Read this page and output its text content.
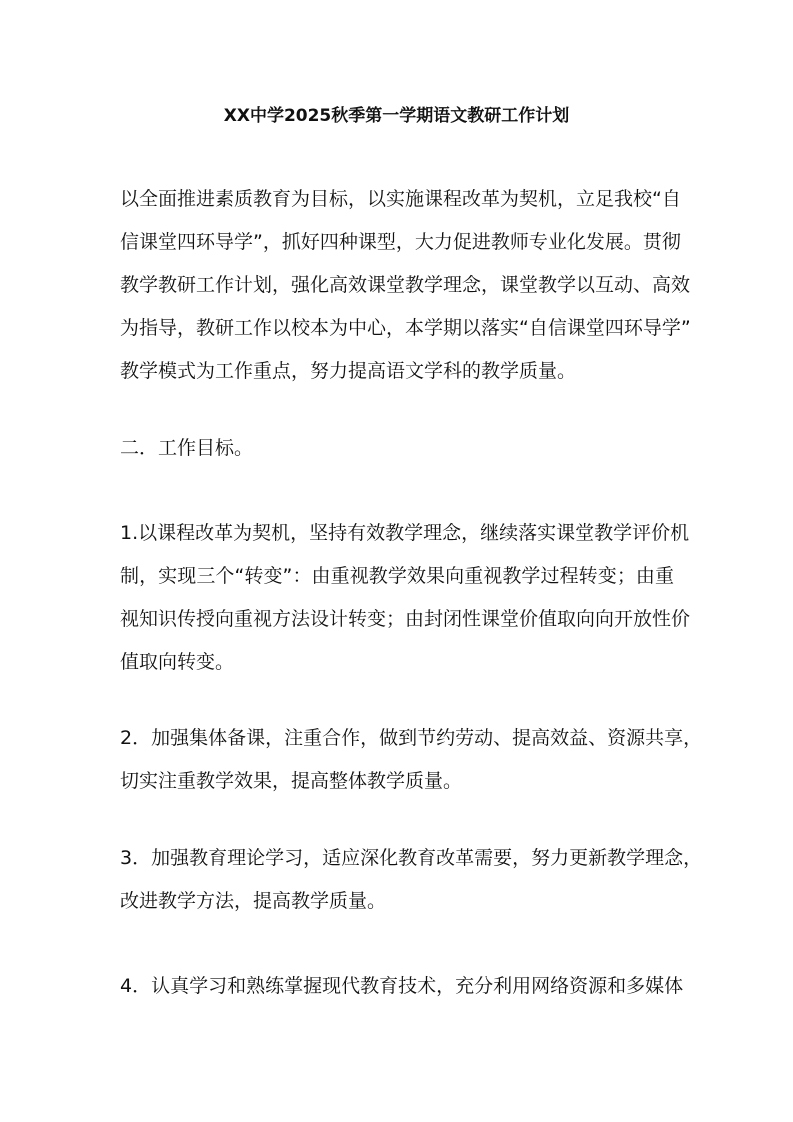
XX中学2025秋季第一学期语文教研工作计划
以全面推进素质教育为目标，以实施课程改革为契机，立足我校“自
信课堂四环导学”，抓好四种课型，大力促进教师专业化发展。贯彻
教学教研工作计划，强化高效课堂教学理念，课堂教学以互动、高效
为指导，教研工作以校本为中心，本学期以落实“自信课堂四环导学”
教学模式为工作重点，努力提高语文学科的教学质量。
二．工作目标。
1.以课程改革为契机，坚持有效教学理念，继续落实课堂教学评价机
制，实现三个“转变”：由重视教学效果向重视教学过程转变；由重
视知识传授向重视方法设计转变；由封闭性课堂价值取向向开放性价
值取向转变。
2．加强集体备课，注重合作，做到节约劳动、提高效益、资源共享，
切实注重教学效果，提高整体教学质量。
3．加强教育理论学习，适应深化教育改革需要，努力更新教学理念，
改进教学方法，提高教学质量。
4．认真学习和熟练掌握现代教育技术，充分利用网络资源和多媒体
